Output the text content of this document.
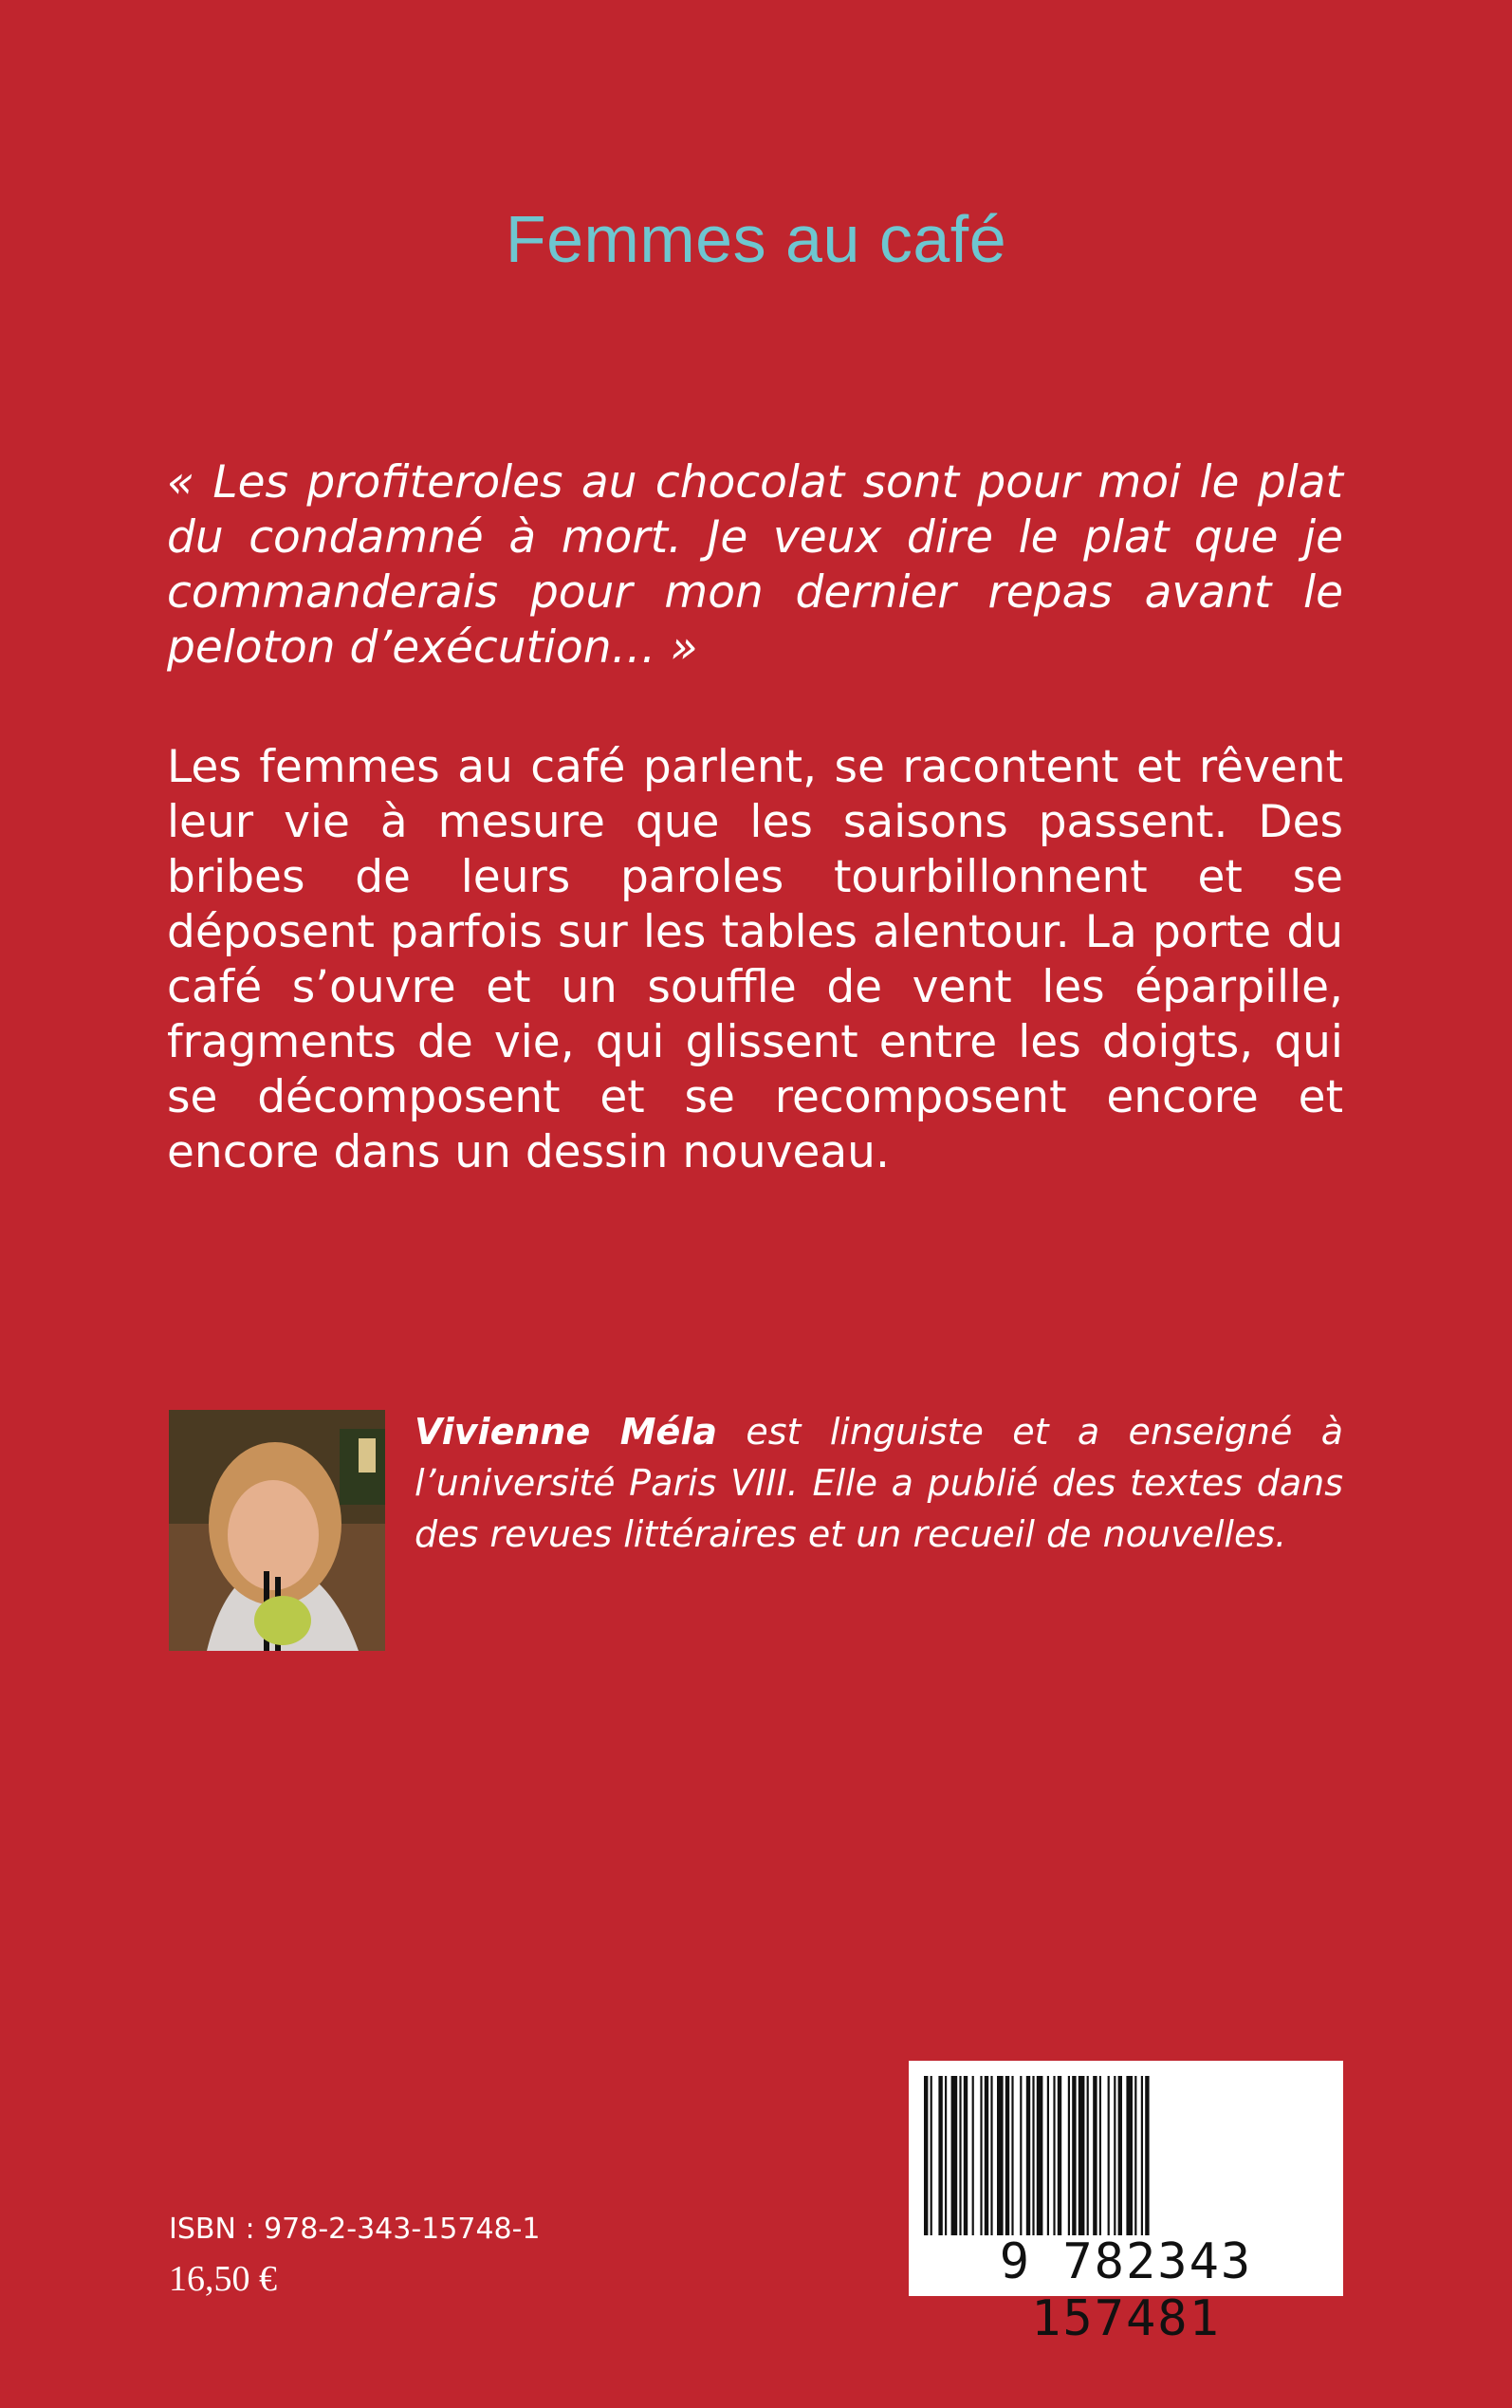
Femmes au café
« Les profiteroles au chocolat sont pour moi le plat du condamné à mort. Je veux dire le plat que je commanderais pour mon dernier repas avant le peloton d’exécution… »
Les femmes au café parlent, se racontent et rêvent leur vie à mesure que les saisons passent. Des bribes de leurs paroles tourbillonnent et se déposent parfois sur les tables alentour. La porte du café s’ouvre et un souffle de vent les éparpille, fragments de vie, qui glissent entre les doigts, qui se décomposent et se recomposent encore et encore dans un dessin nouveau.
Vivienne Méla est linguiste et a enseigné à l’université Paris VIII. Elle a publié des textes dans des revues littéraires et un recueil de nouvelles.
ISBN : 978-2-343-15748-1
16,50 €	9 782343 157481
